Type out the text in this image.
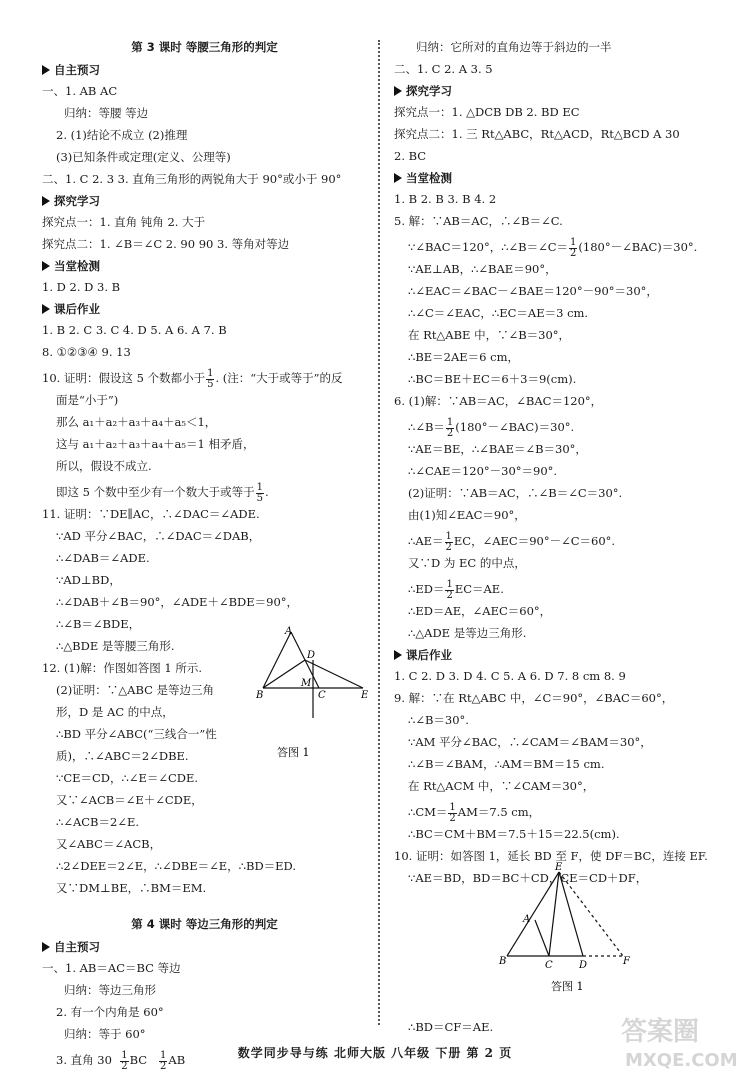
第 3 课时 等腰三角形的判定
自主预习
一、1. AB AC
归纳：等腰 等边
2. (1)结论不成立 (2)推理
(3)已知条件或定理(定义、公理等)
二、1. C 2. 3 3. 直角三角形的两锐角大于 90°或小于 90°
探究学习
探究点一：1. 直角 钝角 2. 大于
探究点二：1. ∠B＝∠C 2. 90 90 3. 等角对等边
当堂检测
1. D 2. D 3. B
课后作业
1. B 2. C 3. C 4. D 5. A 6. A 7. B
8. ①②③④ 9. 13
10. 证明：假设这 5 个数都小于 $\frac{1}{5}$ . (注：“大于或等于”的反
面是“小于”)
那么 a₁＋a₂＋a₃＋a₄＋a₅＜1，
这与 a₁＋a₂＋a₃＋a₄＋a₅＝1 相矛盾，
所以，假设不成立.
即这 5 个数中至少有一个数大于或等于 $\frac{1}{5}$ .
11. 证明：∵DE∥AC，∴∠DAC＝∠ADE.
∵AD 平分∠BAC，∴∠DAC＝∠DAB，
∴∠DAB＝∠ADE.
∵AD⊥BD，
∴∠DAB＋∠B＝90°，∠ADE＋∠BDE＝90°，
∴∠B＝∠BDE，
∴△BDE 是等腰三角形.
12. (1)解：作图如答图 1 所示.
(2)证明：∵△ABC 是等边三角
形，D 是 AC 的中点，
∴BD 平分∠ABC(“三线合一”性
质)，∴∠ABC＝2∠DBE.
∵CE＝CD，∴∠E＝∠CDE.
又∵∠ACB＝∠E＋∠CDE，
∴∠ACB＝2∠E.
又∠ABC＝∠ACB，
∴2∠DEE＝2∠E，∴∠DBE＝∠E，∴BD＝ED.
又∵DM⊥BE，∴BM＝EM.
第 4 课时 等边三角形的判定
自主预习
一、1. AB＝AC＝BC 等边
归纳：等边三角形
2. 有一个内角是 60°
归纳：等于 60°
3. 直角 $30 \frac{1}{2}$ BC $\frac{1}{2}$ AB
A
B	C
D
E
M
答图 1
归纳：它所对的直角边等于斜边的一半
二、1. C 2. A 3. 5
探究学习
探究点一：1. △DCB DB 2. BD EC
探究点二：1. 三 Rt△ABC，Rt△ACD，Rt△BCD A 30
2. BC
当堂检测
1. B 2. B 3. B 4. 2
5. 解：∵AB＝AC，∴∠B＝∠C.
∵∠BAC＝120°，∴∠B＝∠C＝ $\frac{1}{2}$ (180°－∠BAC)＝30°.
∵AE⊥AB，∴∠BAE＝90°，
∴∠EAC＝∠BAC－∠BAE＝120°－90°＝30°，
∴∠C＝∠EAC，∴EC＝AE＝3 cm.
在 Rt△ABE 中，∵∠B＝30°，
∴BE＝2AE＝6 cm，
∴BC＝BE＋EC＝6＋3＝9(cm).
6. (1)解：∵AB＝AC，∠BAC＝120°，
∴∠B＝ $\frac{1}{2}$ (180°－∠BAC)＝30°.
∵AE＝BE，∴∠BAE＝∠B＝30°，
∴∠CAE＝120°－30°＝90°.
(2)证明：∵AB＝AC，∴∠B＝∠C＝30°.
由(1)知∠EAC＝90°，
∴AE＝ $\frac{1}{2}$ EC，∠AEC＝90°－∠C＝60°.
又∵D 为 EC 的中点，
∴ED＝ $\frac{1}{2} EC=AE$.
∴ED＝AE，∠AEC＝60°，
∴△ADE 是等边三角形.
课后作业
1. C 2. D 3. D 4. C 5. A 6. D 7. 8 cm 8. 9
9. 解：∵在 Rt△ABC 中，∠C＝90°，∠BAC＝60°，
∴∠B＝30°.
∵AM 平分∠BAC，∴∠CAM＝∠BAM＝30°，
∴∠B＝∠BAM，∴AM＝BM＝15 cm.
在 Rt△ACM 中，∵∠CAM＝30°，
∴CM＝ $\frac{1}{2} AM=7.5$ cm，
∴BC＝CM＋BM＝7.5＋15＝22.5(cm).
10. 证明：如答图 1，延长 BD 至 F，使 DF＝BC，连接 EF.
∵AE＝BD，BD＝BC＋CD，CE＝CD＋DF，
E
A
B	C	D	F
答图 1
∴BD＝CF＝AE.
数学同步导与练 北师大版 八年级 下册 第 2 页
答案圈
MXQE.COM
